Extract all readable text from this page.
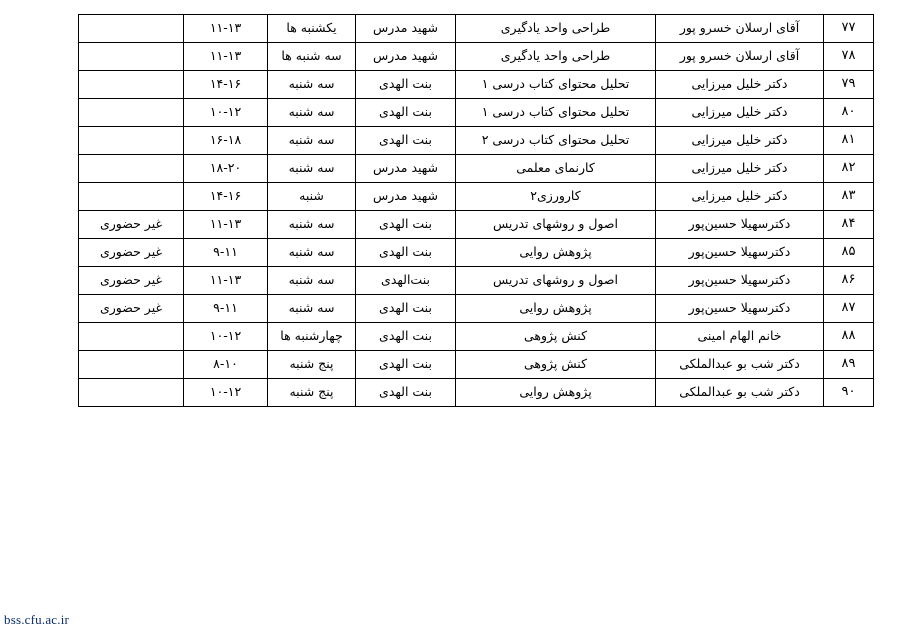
۷۷	آقای ارسلان خسرو پور	طراحی واحد یادگیری	شهید مدرس	یکشنبه ها	۱۱-۱۳	
۷۸	آقای ارسلان خسرو پور	طراحی واحد یادگیری	شهید مدرس	سه شنبه ها	۱۱-۱۳	
۷۹	دکتر خلیل میرزایی	تحلیل محتوای کتاب درسی ۱	بنت الهدی	سه شنبه	۱۴-۱۶	
۸۰	دکتر خلیل میرزایی	تحلیل محتوای کتاب درسی ۱	بنت الهدی	سه شنبه	۱۰-۱۲	
۸۱	دکتر خلیل میرزایی	تحلیل محتوای کتاب درسی ۲	بنت الهدی	سه شنبه	۱۶-۱۸	
۸۲	دکتر خلیل میرزایی	کارنمای معلمی	شهید مدرس	سه شنبه	۱۸-۲۰	
۸۳	دکتر خلیل میرزایی	کارورزی۲	شهید مدرس	شنبه	۱۴-۱۶	
۸۴	دکترسهیلا حسین‌پور	اصول و روشهای تدریس	بنت الهدی	سه شنبه	۱۱-۱۳	غیر حضوری
۸۵	دکترسهیلا حسین‌پور	پژوهش روایی	بنت الهدی	سه شنبه	۹-۱۱	غیر حضوری
۸۶	دکترسهیلا حسین‌پور	اصول و روشهای تدریس	بنت‌الهدی	سه شنبه	۱۱-۱۳	غیر حضوری
۸۷	دکترسهیلا حسین‌پور	پژوهش روایی	بنت الهدی	سه شنبه	۹-۱۱	غیر حضوری
۸۸	خانم الهام امینی	کنش پژوهی	بنت الهدی	چهارشنبه ها	۱۰-۱۲	
۸۹	دکتر شب بو عبدالملکی	کنش پژوهی	بنت الهدی	پنج شنبه	۸-۱۰	
۹۰	دکتر شب بو عبدالملکی	پژوهش روایی	بنت الهدی	پنج شنبه	۱۰-۱۲	
bss.cfu.ac.ir
